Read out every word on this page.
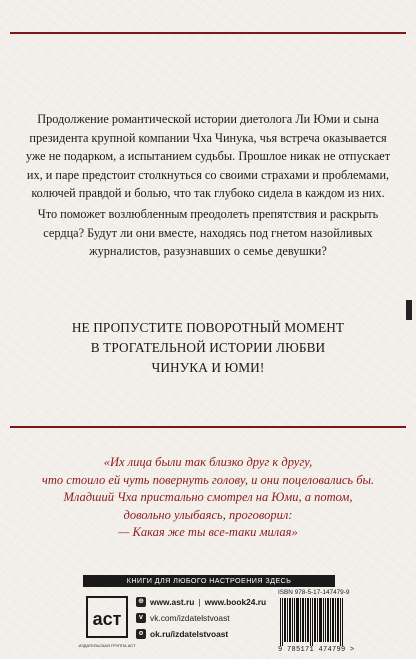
Продолжение романтической истории диетолога Ли Юми и сына президента крупной компании Чха Чинука, чья встреча оказывается уже не подарком, а испытанием судьбы. Прошлое никак не отпускает их, и паре предстоит столкнуться со своими страхами и проблемами, колючей правдой и болью, что так глубоко сидела в каждом из них.

Что поможет возлюбленным преодолеть препятствия и раскрыть сердца? Будут ли они вместе, находясь под гнетом назойливых журналистов, разузнавших о семье девушки?

НЕ ПРОПУСТИТЕ ПОВОРОТНЫЙ МОМЕНТ
В ТРОГАТЕЛЬНОЙ ИСТОРИИ ЛЮБВИ
ЧИНУКА И ЮМИ!
«Их лица были так близко друг к другу,
что стоило ей чуть повернуть голову, и они поцеловались бы.
Младший Чха пристально смотрел на Юми, а потом,
довольно улыбаясь, проговорил:
— Какая же ты все-таки милая»
КНИГИ ДЛЯ ЛЮБОГО НАСТРОЕНИЯ ЗДЕСЬ
aст
ИЗДАТЕЛЬСКАЯ ГРУППА АСТ
⊕ www.ast.ru | www.book24.ru
v vk.com/izdatelstvoast
o ok.ru/izdatelstvoast
ISBN 978-5-17-147479-9
9 785171 474799 >
